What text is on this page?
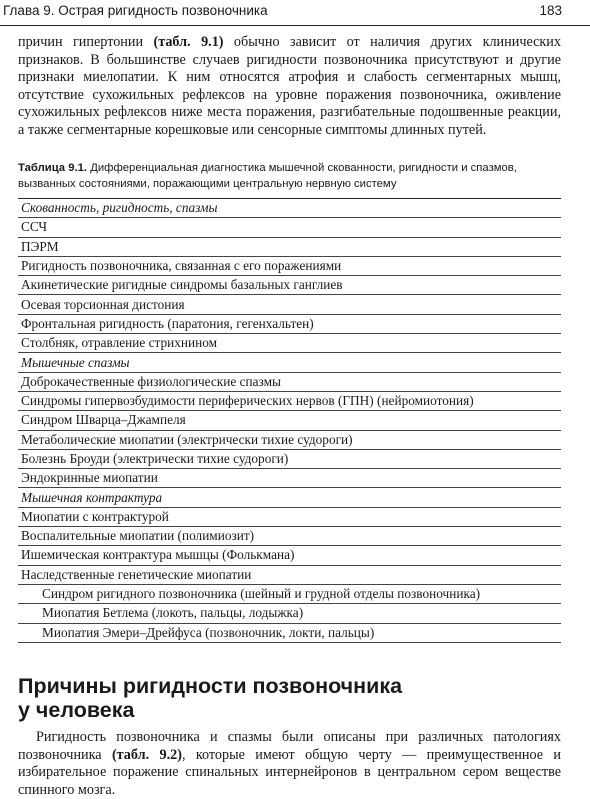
Глава 9. Острая ригидность позвоночника	183

причин гипертонии (табл. 9.1) обычно зависит от наличия других клинических признаков. В большинстве случаев ригидности позвоночника присутствуют и другие признаки миелопатии. К ним относятся атрофия и слабость сегментарных мышц, отсутствие сухожильных рефлексов на уровне поражения позвоночника, оживление сухожильных рефлексов ниже места поражения, разгибательные подошвенные реакции, а также сегментарные корешковые или сенсорные симптомы длинных путей.

Таблица 9.1. Дифференциальная диагностика мышечной скованности, ригидности и спазмов, вызванных состояниями, поражающими центральную нервную систему

Скованность, ригидность, спазмы
ССЧ
ПЭРМ
Ригидность позвоночника, связанная с его поражениями
Акинетические ригидные синдромы базальных ганглиев
Осевая торсионная дистония
Фронтальная ригидность (паратония, гегенхальтен)
Столбняк, отравление стрихнином
Мышечные спазмы
Доброкачественные физиологические спазмы
Синдромы гипервозбудимости периферических нервов (ГПН) (нейромиотония)
Синдром Шварца–Джампеля
Метаболические миопатии (электрически тихие судороги)
Болезнь Броуди (электрически тихие судороги)
Эндокринные миопатии
Мышечная контрактура
Миопатии с контрактурой
Воспалительные миопатии (полимиозит)
Ишемическая контрактура мышцы (Фолькмана)
Наследственные генетические миопатии
Синдром ригидного позвоночника (шейный и грудной отделы позвоночника)
Миопатия Бетлема (локоть, пальцы, лодыжка)
Миопатия Эмери–Дрейфуса (позвоночник, локти, пальцы)
Причины ригидности позвоночника
у человека

Ригидность позвоночника и спазмы были описаны при различных патологиях позвоночника (табл. 9.2), которые имеют общую черту — преимущественное и избирательное поражение спинальных интернейронов в центральном сером веществе спинного мозга.
